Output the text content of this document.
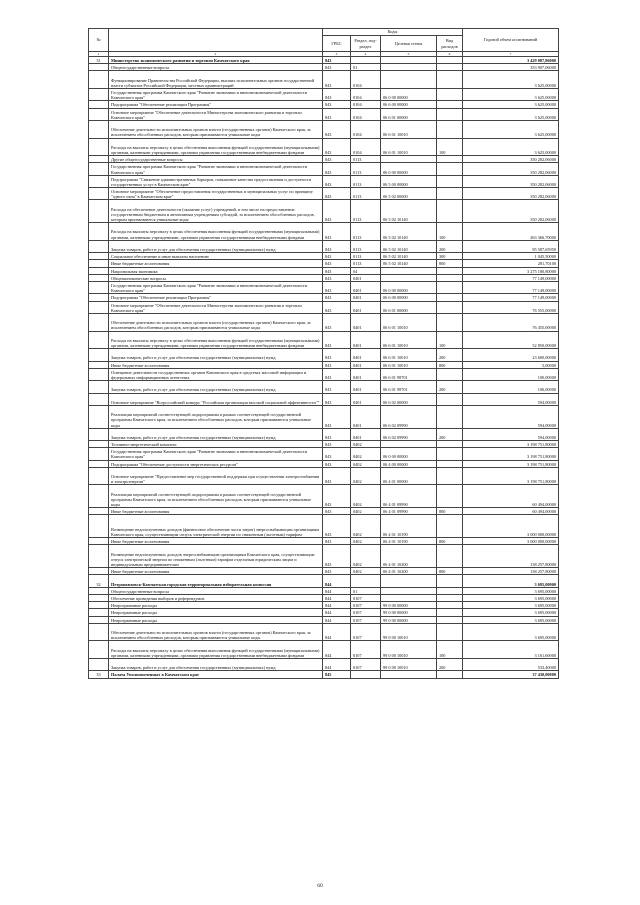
№		Коды				Годовой объем ассигнований
		ГРБС	Раздел, под-раздел	Целевая статья	Вид расходов	
1	2	3	4	5	6	7
31	Министерство экономического развития и торговли Камчатского края	843				3 429 087,86000
	Общегосударственные вопросы	843	01			353 907,06000
	Функционирование Правительства Российской Федерации, высших исполнительных органов государственной власти субъектов Российской Федерации, местных администраций	843	0104			3 625,00000
	Государственная программа Камчатского края "Развитие экономики и внешнеэкономической деятельности Камчатского края"	843	0104	06 0 00 00000		3 625,00000
	Подпрограмма "Обеспечение реализации Программы"	843	0104	06 6 00 00000		3 625,00000
	Основное мероприятие "Обеспечение деятельности Министерства экономического развития и торговли Камчатского края"	843	0104	06 6 01 00000		3 625,00000
	Обеспечение деятельности исполнительных органов власти (государственных органов) Камчатского края, за исключением обособленных расходов, которым присваиваются уникальные коды	843	0104	06 6 01 10010		3 625,00000
	Расходы на выплаты персоналу в целях обеспечения выполнения функций государственными (муниципальными) органами, казенными учреждениями, органами управления государственными внебюджетными фондами	843	0104	06 6 01 10010	100	3 625,00000
	Другие общегосударственные вопросы	843	0113			350 282,06000
	Государственная программа Камчатского края "Развитие экономики и внешнеэкономической деятельности Камчатского края"	843	0113	06 0 00 00000		350 282,06000
	Подпрограмма "Снижение административных барьеров, повышение качества предоставления и доступности государственных услуг в Камчатском крае"	843	0113	06 5 00 00000		350 282,06000
	Основное мероприятие "Обеспечение предоставления государственных и муниципальных услуг по принципу "одного окна" в Камчатском крае"	843	0113	06 5 02 00000		350 282,06000
	Расходы на обеспечение деятельности (оказание услуг) учреждений, в том числе на предоставление государственным бюджетным и автономным учреждениям субсидий, за исключением обособленных расходов, которым присваиваются уникальные коды	843	0113	06 5 02 10140		350 282,06000
	Расходы на выплаты персоналу в целях обеспечения выполнения функций государственными (муниципальными) органами, казенными учреждениями, органами управления государственными внебюджетными фондами	843	0113	06 5 02 10140	100	263 366,70000
	Закупка товаров, работ и услуг для обеспечения государственных (муниципальных) нужд	843	0113	06 5 02 10140	200	85 587,65950
	Социальное обеспечение и иные выплаты населению	843	0113	06 5 02 10140	300	1 045,50000
	Иные бюджетные ассигнования	843	0113	06 5 02 10140	800	281,70100
	Национальная экономика	843	04			3 275 180,80000
	Общеэкономические вопросы	843	0401			77 149,00000
	Государственная программа Камчатского края "Развитие экономики и внешнеэкономической деятельности Камчатского края"	843	0401	06 0 00 00000		77 149,00000
	Подпрограмма "Обеспечение реализации Программы"	843	0401	06 6 00 00000		77 149,00000
	Основное мероприятие "Обеспечение деятельности Министерства экономического развития и торговли Камчатского края"	843	0401	06 6 01 00000		76 555,00000
	Обеспечение деятельности исполнительных органов власти (государственных органов) Камчатского края, за исключением обособленных расходов, которым присваиваются уникальные коды	843	0401	06 6 01 10010		76 455,00000
	Расходы на выплаты персоналу в целях обеспечения выполнения функций государственными (муниципальными) органами, казенными учреждениями, органами управления государственными внебюджетными фондами	843	0401	06 6 01 10010	100	52 850,00000
	Закупка товаров, работ и услуг для обеспечения государственных (муниципальных) нужд	843	0401	06 6 01 10010	200	23 600,00000
	Иные бюджетные ассигнования	843	0401	06 6 01 10010	800	5,00000
	Освещение деятельности государственных органов Камчатского края в средствах массовой информации и федеральных информационных агентствах	843	0401	06 6 01 98701		100,00000
	Закупка товаров, работ и услуг для обеспечения государственных (муниципальных) нужд	843	0401	06 6 01 98701	200	100,00000
	Основное мероприятие "Всероссийский конкурс "Российская организация высокой социальной эффективности""	843	0401	06 6 02 00000		594,00000
	Реализация мероприятий соответствующей подпрограммы в рамках соответствующей государственной программы Камчатского края, за исключением обособленных расходов, которым присваиваются уникальные коды	843	0401	06 6 02 09990		594,00000
	Закупка товаров, работ и услуг для обеспечения государственных (муниципальных) нужд	843	0401	06 6 02 09990	200	594,00000
	Топливно-энергетический комплекс	843	0402			3 198 751,80000
	Государственная программа Камчатского края "Развитие экономики и внешнеэкономической деятельности Камчатского края"	843	0402	06 0 00 00000		3 198 751,80000
	Подпрограмма "Обеспечение доступности энергетических ресурсов"	843	0402	06 4 00 00000		3 198 751,80000
	Основное мероприятие "Предоставление мер государственной поддержки при осуществлении электроснабжения и электроэнергии"	843	0402	06 4 01 00000		3 198 751,80000
	Реализация мероприятий соответствующей подпрограммы в рамках соответствующей государственной программы Камчатского края, за исключением обособленных расходов, которым присваиваются уникальные коды	843	0402	06 4 01 09990		60 494,00000
	Иные бюджетные ассигнования	843	0402	06 4 01 09990	800	60 494,00000
	Возмещение недополученных доходов (финансовое обеспечение части затрат) энергоснабжающим организациям Камчатского края, осуществляющим отпуск электрической энергии по сниженным (льготным) тарифам	843	0402	06 4 01 10190		3 000 000,00000
	Иные бюджетные ассигнования	843	0402	06 4 01 10190	800	3 000 000,00000
	Возмещение недополученных доходов энергоснабжающим организациям Камчатского края, осуществляющим отпуск электрической энергии по сниженным (льготным) тарифам отдельным юридическим лицам и индивидуальным предпринимателям	843	0402	06 4 01 10200		138 257,80000
	Иные бюджетные ассигнования	843	0402	06 4 01 10200	800	138 257,80000
32	Петропавловск-Камчатская городская территориальная избирательная комиссия	844				3 695,00000
	Общегосударственные вопросы	844	01			3 695,00000
	Обеспечение проведения выборов и референдумов	844	0107			3 695,00000
	Непрограммные расходы	844	0107	99 0 00 00000		3 695,00000
	Непрограммные расходы	844	0107	99 0 00 00000		3 695,00000
	Непрограммные расходы	844	0107	99 0 00 00000		3 695,00000
	Обеспечение деятельности исполнительных органов власти (государственных органов) Камчатского края, за исключением обособленных расходов, которым присваиваются уникальные коды	844	0107	99 0 00 10010		3 695,00000
	Расходы на выплаты персоналу в целях обеспечения выполнения функций государственными (муниципальными) органами, казенными учреждениями, органами управления государственными внебюджетными фондами	844	0107	99 0 00 10010	100	3 161,60000
	Закупка товаров, работ и услуг для обеспечения государственных (муниципальных) нужд	844	0107	99 0 00 10010	200	533,40000
33	Палата Уполномоченных в Камчатском крае	845				37 430,00000
60
